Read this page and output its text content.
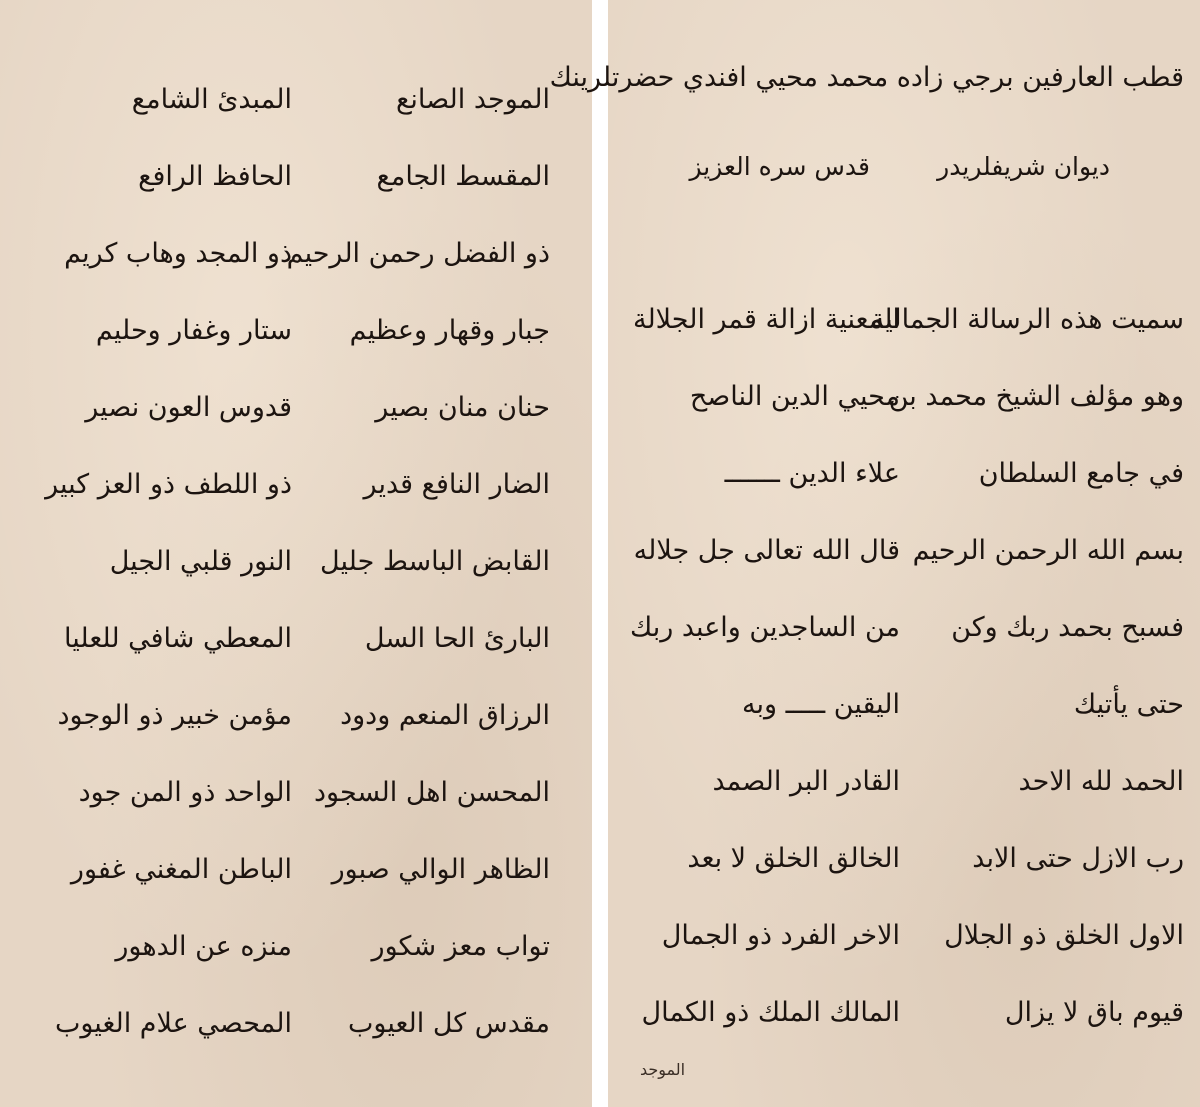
الموجد الصانع
المبدئ الشامع
المقسط الجامع
الحافظ الرافع
ذو الفضل رحمن الرحيم
ذو المجد وهاب كريم
جبار وقهار وعظيم
ستار وغفار وحليم
حنان منان بصير
قدوس العون نصير
الضار النافع قدير
ذو اللطف ذو العز كبير
القابض الباسط جليل
النور قلبي الجيل
البارئ الحا السل
المعطي شافي للعليا
الرزاق المنعم ودود
مؤمن خبير ذو الوجود
المحسن اهل السجود
الواحد ذو المن جود
الظاهر الوالي صبور
الباطن المغني غفور
تواب معز شكور
منزه عن الدهور
مقدس كل العيوب
المحصي علام الغيوب
قطب العارفين برجي زاده محمد محيي افندي حضرتلرينك
ديوان شريفلريدر
قدس سره العزيز
سميت هذه الرسالة الجمالية
المعنية ازالة قمر الجلالة
وهو مؤلف الشيخ محمد بن
محيي الدين الناصح
في جامع السلطان
علاء الدين ـــــــ
بسم الله الرحمن الرحيم
قال الله تعالى جل جلاله
فسبح بحمد ربك وكن
من الساجدين واعبد ربك
حتى يأتيك
اليقين ـــــ وبه
الحمد لله الاحد
القادر البر الصمد
رب الازل حتى الابد
الخالق الخلق لا بعد
الاول الخلق ذو الجلال
الاخر الفرد ذو الجمال
قيوم باق لا يزال
المالك الملك ذو الكمال
الموجد
